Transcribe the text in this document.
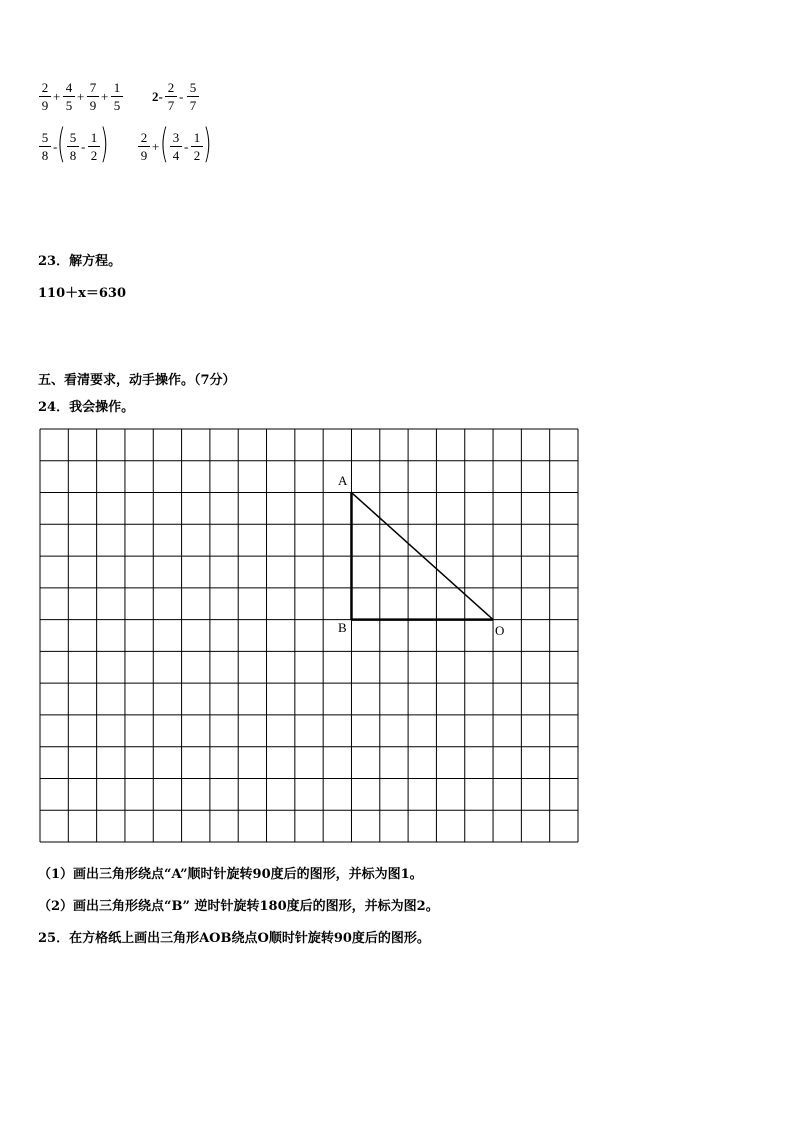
2
9
+
4
5
+
7
9
+
1
5
2-
2
7
-
5
7
5
8
- ( 5
8
-
1
2 ) 2
9
+ ( 3
4
-
1
2 )
23．解方程。
110＋x＝630
五、看清要求，动手操作。（7分）
24．我会操作。
A
B	O
（1）画出三角形绕点“A”顺时针旋转90度后的图形，并标为图1。
（2）画出三角形绕点“B” 逆时针旋转180度后的图形，并标为图2。
25．在方格纸上画出三角形AOB绕点O顺时针旋转90度后的图形。
